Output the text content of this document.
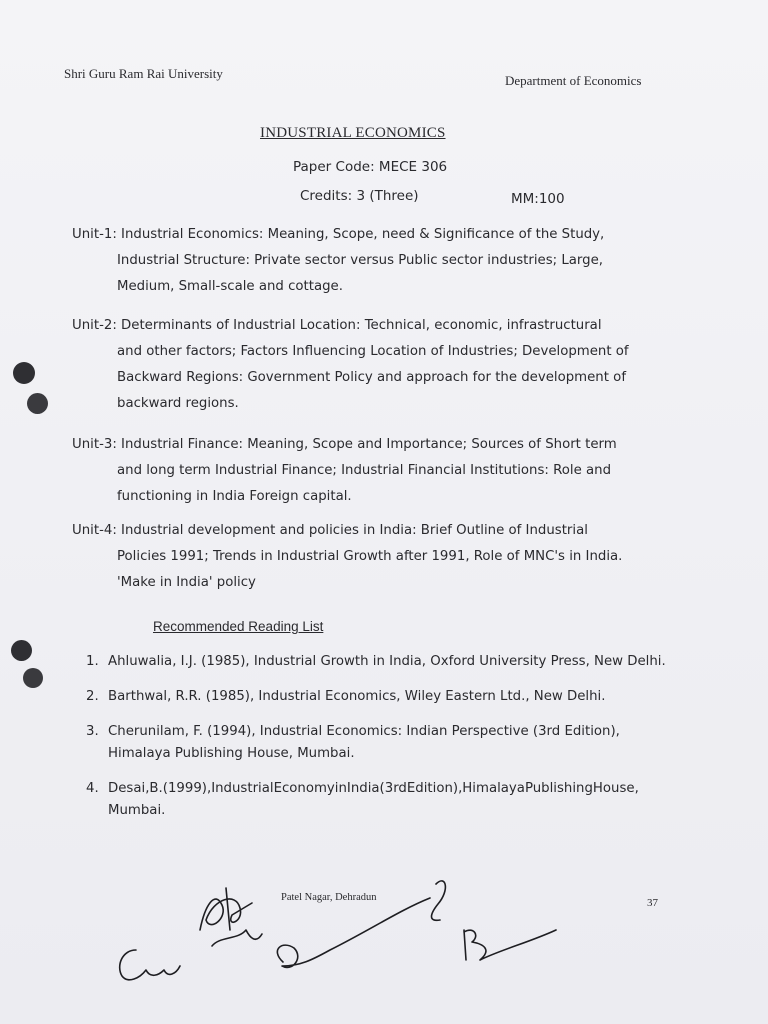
Shri Guru Ram Rai University	Department of Economics
INDUSTRIAL ECONOMICS
Paper Code: MECE 306
Credits: 3 (Three)	MM:100
Unit-1: Industrial Economics: Meaning, Scope, need & Significance of the Study,
Industrial Structure: Private sector versus Public sector industries; Large,
Medium, Small-scale and cottage.
Unit-2: Determinants of Industrial Location: Technical, economic, infrastructural
and other factors; Factors Influencing Location of Industries; Development of
Backward Regions: Government Policy and approach for the development of
backward regions.
Unit-3: Industrial Finance: Meaning, Scope and Importance; Sources of Short term
and long term Industrial Finance; Industrial Financial Institutions: Role and
functioning in India Foreign capital.
Unit-4: Industrial development and policies in India: Brief Outline of Industrial
Policies 1991; Trends in Industrial Growth after 1991, Role of MNC's in India.
'Make in India' policy
Recommended Reading List
1. Ahluwalia, I.J. (1985), Industrial Growth in India, Oxford University Press, New Delhi.
2. Barthwal, R.R. (1985), Industrial Economics, Wiley Eastern Ltd., New Delhi.
3. Cherunilam, F. (1994), Industrial Economics: Indian Perspective (3rd Edition), Himalaya Publishing House, Mumbai.
4. Desai,B.(1999),IndustrialEconomyinIndia(3rdEdition),HimalayaPublishingHouse, Mumbai.
Patel Nagar, Dehradun	37
